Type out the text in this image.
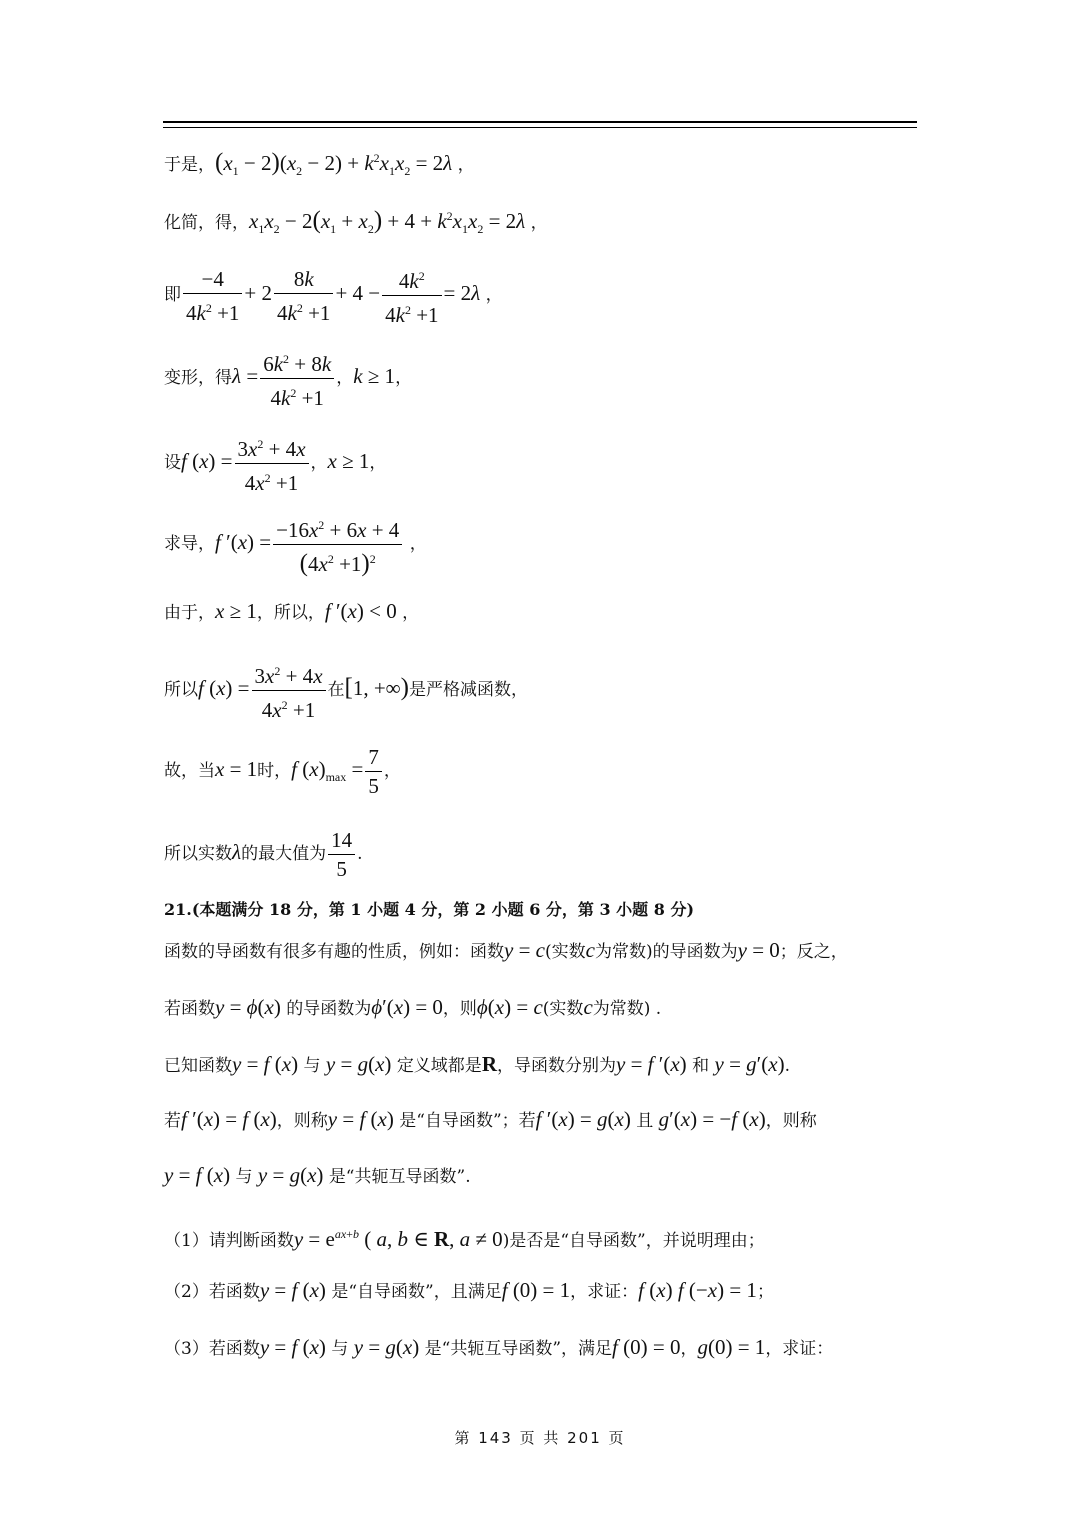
于是，$(x_1 - 2)(x_2 - 2) + k^2x_1x_2 = 2\lambda$ ，
化简，得，$x_1x_2 - 2(x_1 + x_2) + 4 + k^2x_1x_2 = 2\lambda$ ，
即 $\frac{-4}{4k^2 +1} + 2 \frac{8k}{4k^2 +1} + 4 - \frac{4k^2}{4k^2 +1} = 2\lambda$ ，
变形，得$\lambda = \frac{6k^2 + 8k}{4k^2 +1}$ ，k ≥ 1，
设f $(x) = \frac{3x^2 + 4x}{4x^2 +1}$ ，x ≥ 1，
求导，f $'(x) = \frac{-16x^2 + 6x + 4}{(4x^2 +1)^2}$ ，
由于，x ≥ 1，所以，f ′(x) < 0 ，
所以f $(x) = \frac{3x^2 + 4x}{4x^2 +1}$ 在[1, +∞)是严格减函数，
故，当x = 1时，f $(x)_{max} = \frac{7}{5}$ ，
所以实数λ的最大值为 $\frac{14}{5}$ .
21.(本题满分 18 分，第 1 小题 4 分，第 2 小题 6 分，第 3 小题 8 分)
函数的导函数有很多有趣的性质，例如：函数y = c(实数c为常数)的导函数为y = 0；反之，
若函数y = ϕ(x) 的导函数为ϕ′(x) = 0，则ϕ(x) = c(实数c为常数) .
已知函数y = f (x) 与 y = g(x) 定义域都是R，导函数分别为y = f ′(x) 和 y = g′(x).
若f ′(x) = f (x)，则称y = f (x) 是“自导函数”；若f ′(x) = g(x) 且 g′(x) = −f (x)，则称
y = f (x) 与 y = g(x) 是“共轭互导函数”.
（1）请判断函数$y = e^{ax+b}$ ( a, b ∈ R, a ≠ 0)是否是“自导函数”，并说明理由；
（2）若函数y = f (x) 是“自导函数”，且满足f (0) = 1，求证：f (x) f (−x) = 1；
（3）若函数y = f (x) 与 y = g(x) 是“共轭互导函数”，满足f (0) = 0，g(0) = 1，求证：
第 143 页 共 201 页
